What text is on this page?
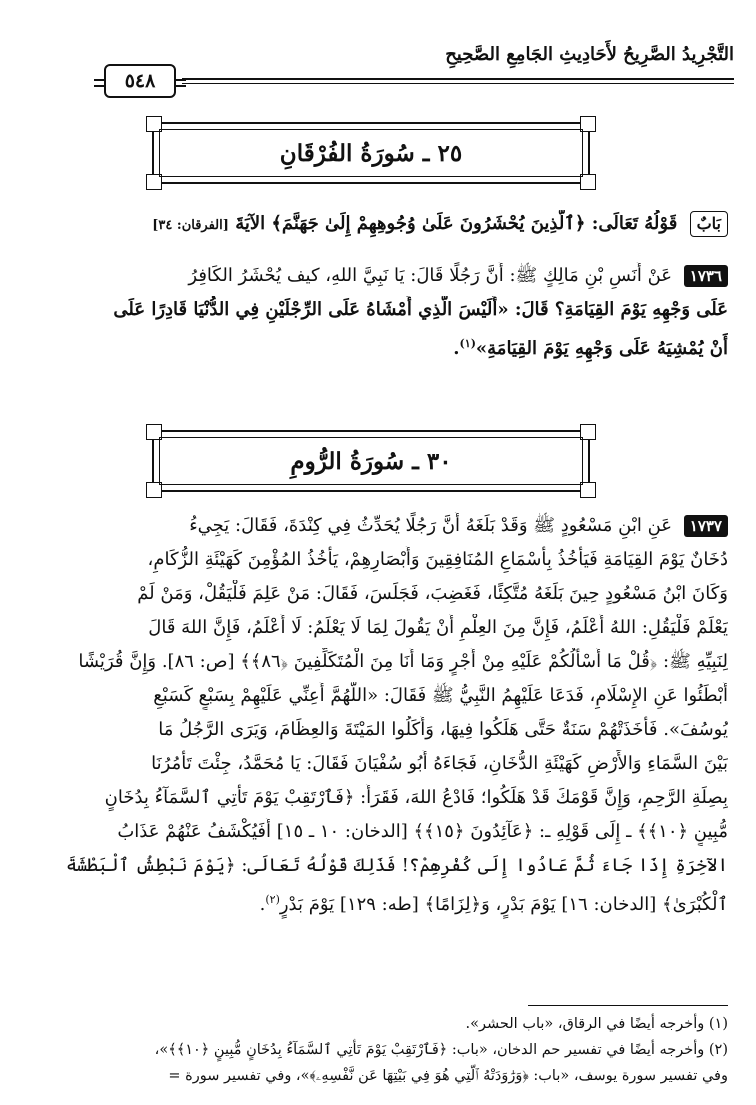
التَّجْرِيدُ الصَّرِيحُ لأَحَادِيثِ الجَامِعِ الصَّحِيحِ
٥٤٨
٢٥ ـ سُورَةُ الفُرْقَانِ
بَابٌ قَوْلُهُ تَعَالَى: ﴿ٱلَّذِينَ يُحْشَرُونَ عَلَىٰ وُجُوهِهِمْ إِلَىٰ جَهَنَّمَ﴾ الآيَةَ [الفرقان: ٣٤]
١٧٣٦ عَنْ أَنَسِ بْنِ مَالِكٍ ﷺ: أَنَّ رَجُلًا قَالَ: يَا نَبِيَّ اللهِ، كيف يُحْشَرُ الكَافِرُ
عَلَى وَجْهِهِ يَوْمَ القِيَامَةِ؟ قَالَ: «أَلَيْسَ الَّذِي أَمْشَاهُ عَلَى الرِّجْلَيْنِ فِي الدُّنْيَا قَادِرًا عَلَى
أَنْ يُمْشِيَهُ عَلَى وَجْهِهِ يَوْمَ القِيَامَةِ»$^{(١)}$.
٣٠ ـ سُورَةُ الرُّومِ
١٧٣٧ عَنِ ابْنِ مَسْعُودٍ ﷺ وَقَدْ بَلَغَهُ أَنَّ رَجُلًا يُحَدِّثُ فِي كِنْدَةَ، فَقَالَ: يَجِيءُ
دُخَانٌ يَوْمَ القِيَامَةِ فَيَأْخُذُ بِأَسْمَاعِ المُنَافِقِينَ وَأَبْصَارِهِمْ، يَأْخُذُ المُؤْمِنَ كَهَيْئَةِ الزُّكَامِ،
وَكَانَ ابْنُ مَسْعُودٍ حِينَ بَلَغَهُ مُتَّكِئًا، فَغَضِبَ، فَجَلَسَ، فَقَالَ: مَنْ عَلِمَ فَلْيَقُلْ، وَمَنْ لَمْ
يَعْلَمْ فَلْيَقُلِ: اللهُ أَعْلَمُ، فَإِنَّ مِنَ العِلْمِ أَنْ يَقُولَ لِمَا لَا يَعْلَمُ: لَا أَعْلَمُ، فَإِنَّ اللهَ قَالَ
لِنَبِيِّهِ ﷺ: ﴿قُلْ مَا أَسْأَلُكُمْ عَلَيْهِ مِنْ أَجْرٍ وَمَا أَنَا مِنَ الْمُتَكَلِّفِينَ ﴿٨٦﴾﴾ [ص: ٨٦]. وَإِنَّ قُرَيْشًا
أَبْطَئُوا عَنِ الإِسْلَامِ، فَدَعَا عَلَيْهِمُ النَّبِيُّ ﷺ فَقَالَ: «اللَّهُمَّ أَعِنِّي عَلَيْهِمْ بِسَبْعٍ كَسَبْعِ
يُوسُفَ». فَأَخَذَتْهُمْ سَنَةٌ حَتَّى هَلَكُوا فِيهَا، وَأَكَلُوا المَيْتَةَ وَالعِظَامَ، وَيَرَى الرَّجُلُ مَا
بَيْنَ السَّمَاءِ وَالأَرْضِ كَهَيْئَةِ الدُّخَانِ، فَجَاءَهُ أَبُو سُفْيَانَ فَقَالَ: يَا مُحَمَّدُ، جِئْتَ تَأْمُرُنَا
بِصِلَةِ الرَّحِمِ، وَإِنَّ قَوْمَكَ قَدْ هَلَكُوا؛ فَادْعُ اللهَ، فَقَرَأَ: ﴿فَٱرْتَقِبْ يَوْمَ تَأْتِي ٱلسَّمَآءُ بِدُخَانٍ
مُّبِينٍ ﴿١٠﴾﴾ ـ إِلَى قَوْلِهِ ـ: ﴿عَآئِدُونَ ﴿١٥﴾﴾ [الدخان: ١٠ ـ ١٥] أَفَيُكْشَفُ عَنْهُمْ عَذَابُ
الآخِرَةِ إِذَا جَاءَ ثُمَّ عَادُوا إِلَى كُفْرِهِمْ؟! فَذَلِكَ قَوْلُهُ تَعَالَى: ﴿يَوْمَ نَبْطِشُ ٱلْبَطْشَةَ
ٱلْكُبْرَىٰ﴾ [الدخان: ١٦] يَوْمَ بَدْرٍ، وَ﴿لِزَامًا﴾ [طه: ١٢٩] يَوْمَ بَدْرٍ$^{(٢)}$.
(١) وأخرجه أيضًا في الرقاق، «باب الحشر».
(٢) وأخرجه أيضًا في تفسير حم الدخان، «باب: ﴿فَٱرْتَقِبْ يَوْمَ تَأْتِي ٱلسَّمَآءُ بِدُخَانٍ مُّبِينٍ ﴿١٠﴾﴾»،
وفي تفسير سورة يوسف، «باب: ﴿وَرَٰوَدَتْهُ ٱلَّتِي هُوَ فِي بَيْتِهَا عَن نَّفْسِهِۦ﴾»، وفي تفسير سورة =
